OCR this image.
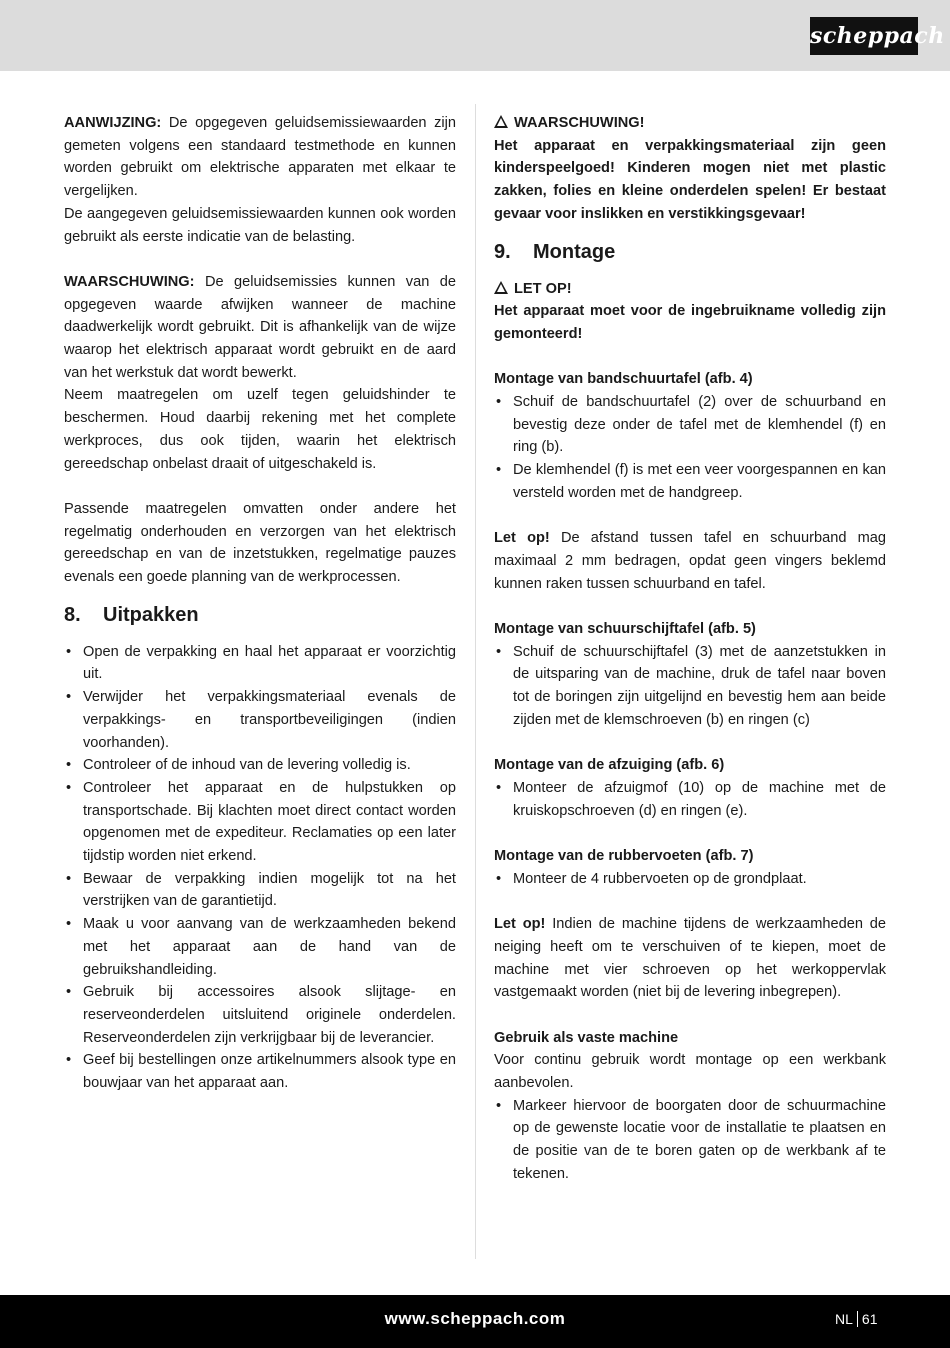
scheppach

AANWIJZING: De opgegeven geluidsemissiewaarden zijn gemeten volgens een standaard testmethode en kunnen worden gebruikt om elektrische apparaten met elkaar te vergelijken.

De aangegeven geluidsemissiewaarden kunnen ook worden gebruikt als eerste indicatie van de belasting.

WAARSCHUWING: De geluidsemissies kunnen van de opgegeven waarde afwijken wanneer de machine daadwerkelijk wordt gebruikt. Dit is afhankelijk van de wijze waarop het elektrisch apparaat wordt gebruikt en de aard van het werkstuk dat wordt bewerkt.

Neem maatregelen om uzelf tegen geluidshinder te beschermen. Houd daarbij rekening met het complete werkproces, dus ook tijden, waarin het elektrisch gereedschap onbelast draait of uitgeschakeld is.

Passende maatregelen omvatten onder andere het regelmatig onderhouden en verzorgen van het elektrisch gereedschap en van de inzetstukken, regelmatige pauzes evenals een goede planning van de werkprocessen.

8.	Uitpakken
• Open de verpakking en haal het apparaat er voorzichtig uit.
• Verwijder het verpakkingsmateriaal evenals de verpakkings- en transportbeveiligingen (indien voorhanden).
• Controleer of de inhoud van de levering volledig is.
• Controleer het apparaat en de hulpstukken op transportschade. Bij klachten moet direct contact worden opgenomen met de expediteur. Reclamaties op een later tijdstip worden niet erkend.
• Bewaar de verpakking indien mogelijk tot na het verstrijken van de garantietijd.
• Maak u voor aanvang van de werkzaamheden bekend met het apparaat aan de hand van de gebruikshandleiding.
• Gebruik bij accessoires alsook slijtage- en reserveonderdelen uitsluitend originele onderdelen. Reserveonderdelen zijn verkrijgbaar bij de leverancier.
• Geef bij bestellingen onze artikelnummers alsook type en bouwjaar van het apparaat aan.

WAARSCHUWING!

Het apparaat en verpakkingsmateriaal zijn geen kinderspeelgoed! Kinderen mogen niet met plastic zakken, folies en kleine onderdelen spelen! Er bestaat gevaar voor inslikken en verstikkingsgevaar!

9.	Montage

LET OP!

Het apparaat moet voor de ingebruikname volledig zijn gemonteerd!

Montage van bandschuurtafel (afb. 4)

• Schuif de bandschuurtafel (2) over de schuurband en bevestig deze onder de tafel met de klemhendel (f) en ring (b).
• De klemhendel (f) is met een veer voorgespannen en kan versteld worden met de handgreep.

Let op! De afstand tussen tafel en schuurband mag maximaal 2 mm bedragen, opdat geen vingers beklemd kunnen raken tussen schuurband en tafel.

Montage van schuurschijftafel (afb. 5)

• Schuif de schuurschijftafel (3) met de aanzetstukken in de uitsparing van de machine, druk de tafel naar boven tot de boringen zijn uitgelijnd en bevestig hem aan beide zijden met de klemschroeven (b) en ringen (c)

Montage van de afzuiging (afb. 6)

• Monteer de afzuigmof (10) op de machine met de kruiskopschroeven (d) en ringen (e).

Montage van de rubbervoeten (afb. 7)

• Monteer de 4 rubbervoeten op de grondplaat.

Let op! Indien de machine tijdens de werkzaamheden de neiging heeft om te verschuiven of te kiepen, moet de machine met vier schroeven op het werkoppervlak vastgemaakt worden (niet bij de levering inbegrepen).

Gebruik als vaste machine

Voor continu gebruik wordt montage op een werkbank aanbevolen.

• Markeer hiervoor de boorgaten door de schuurmachine op de gewenste locatie voor de installatie te plaatsen en de positie van de te boren gaten op de werkbank af te tekenen.
www.scheppach.com	NL 61
